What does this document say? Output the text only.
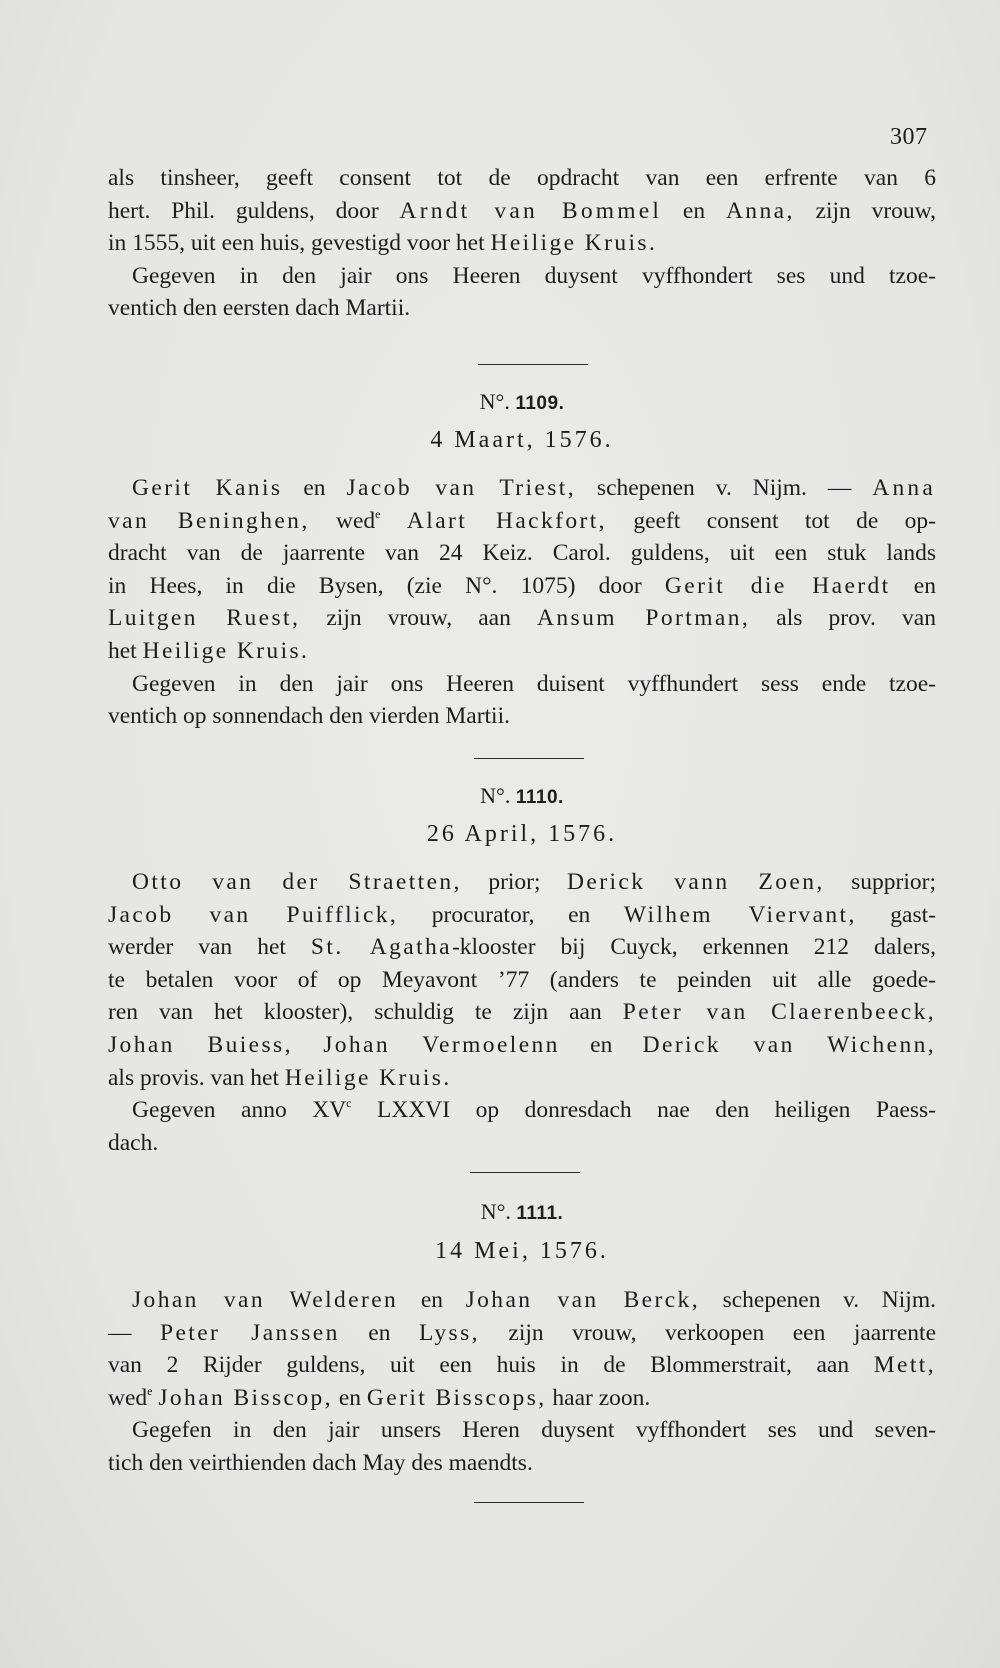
307

als tinsheer, geeft consent tot de opdracht van een erfrente van 6

hert. Phil. guldens, door Arndt van Bommel en Anna, zijn vrouw,

in 1555, uit een huis, gevestigd voor het Heilige Kruis.

Gegeven in den jair ons Heeren duysent vyffhondert ses und tzoe-

ventich den eersten dach Martii.

N°. 1109.
4 Maart, 1576.

Gerit Kanis en Jacob van Triest, schepenen v. Nijm. — Anna

van Beninghen, wed$^e$ Alart Hackfort, geeft consent tot de op-

dracht van de jaarrente van 24 Keiz. Carol. guldens, uit een stuk lands

in Hees, in die Bysen, (zie N°. 1075) door Gerit die Haerdt en

Luitgen Ruest, zijn vrouw, aan Ansum Portman, als prov. van

het Heilige Kruis.

Gegeven in den jair ons Heeren duisent vyffhundert sess ende tzoe-

ventich op sonnendach den vierden Martii.

N°. 1110.
26 April, 1576.

Otto van der Straetten, prior; Derick vann Zoen, supprior;

Jacob van Puifflick, procurator, en Wilhem Viervant, gast-

werder van het St. Agatha-klooster bij Cuyck, erkennen 212 dalers,

te betalen voor of op Meyavont ’77 (anders te peinden uit alle goede-

ren van het klooster), schuldig te zijn aan Peter van Claerenbeeck,

Johan Buiess, Johan Vermoelenn en Derick van Wichenn,

als provis. van het Heilige Kruis.

Gegeven anno $XV^c$ LXXVI op donresdach nae den heiligen Paess-

dach.

N°. 1111.
14 Mei, 1576.

Johan van Welderen en Johan van Berck, schepenen v. Nijm.

— Peter Janssen en Lyss, zijn vrouw, verkoopen een jaarrente

van 2 Rijder guldens, uit een huis in de Blommerstrait, aan Mett,

wed$^e$ Johan Bisscop, en Gerit Bisscops, haar zoon.

Gegefen in den jair unsers Heren duysent vyffhondert ses und seven-

tich den veirthienden dach May des maendts.
